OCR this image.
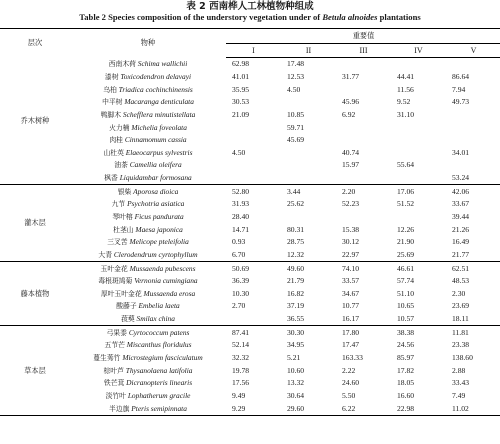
表 2 西南桦人工林植物种组成
Table 2 Species composition of the understory vegetation under of Betula alnoides plantations
层次	物种	重要值				
		I	II	III	IV	V
乔木树种	西南木荷 Schima wallichii	62.98	17.48			
	漆树 Toxicodendron delavayi	41.01	12.53	31.77	44.41	86.64
	乌桕 Triadica cochinchinensis	35.95	4.50		11.56	7.94
	中平树 Macaranga denticulata	30.53		45.96	9.52	49.73
	鸭脚木 Schefflera minutistellata	21.09	10.85	6.92	31.10	
	火力楠 Michelia foveolata		59.71			
	肉桂 Cinnamomum cassia		45.69			
	山杜英 Elaeocarpus sylvestris	4.50		40.74		34.01
	油茶 Camellia oleifera			15.97	55.64	
	枫香 Liquidambar formosana					53.24
灌木层	银柴 Aporosa dioica	52.80	3.44	2.20	17.06	42.06
	九节 Psychotria asiatica	31.93	25.62	52.23	51.52	33.67
	琴叶榕 Ficus pandurata	28.40				39.44
	杜茎山 Maesa japonica	14.71	80.31	15.38	12.26	21.26
	三叉苦 Melicope pteleifolia	0.93	28.75	30.12	21.90	16.49
	大青 Clerodendrum cyrtophyllum	6.70	12.32	22.97	25.69	21.77
藤本植物	玉叶金花 Mussaenda pubescens	50.69	49.60	74.10	46.61	62.51
	毒根斑鸠菊 Vernonia cumingiana	36.39	21.79	33.57	57.74	48.53
	厚叶玉叶金花 Mussaenda erosa	10.30	16.82	34.67	51.10	2.30
	酸藤子 Embelia laeta	2.70	37.19	10.77	10.65	23.69
	菝葜 Smilax china		36.55	16.17	10.57	18.11
草本层	弓果黍 Cyrtococcum patens	87.41	30.30	17.80	38.38	11.81
	五节芒 Miscanthus floridulus	52.14	34.95	17.47	24.56	23.38
	蔓生莠竹 Microstegium fasciculatum	32.32	5.21	163.33	85.97	138.60
	棕叶芦 Thysanolaena latifolia	19.78	10.60	2.22	17.82	2.88
	铁芒萁 Dicranopteris linearis	17.56	13.32	24.60	18.05	33.43
	淡竹叶 Lophatherum gracile	9.49	30.64	5.50	16.60	7.49
	半边旗 Pteris semipinnata	9.29	29.60	6.22	22.98	11.02
